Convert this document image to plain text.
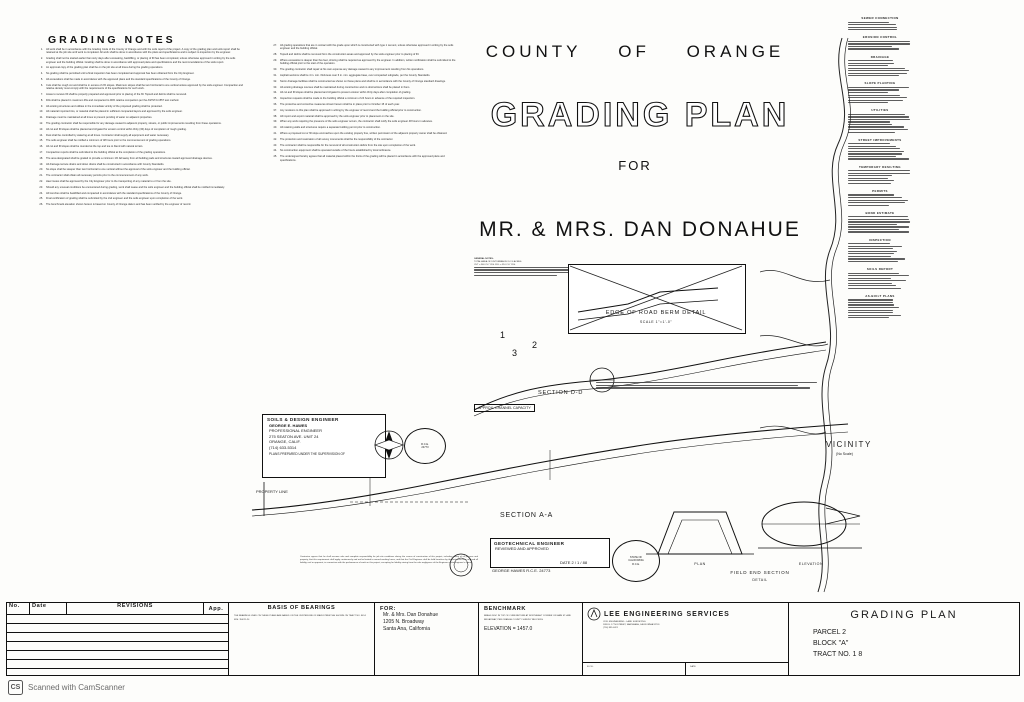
COUNTY OF ORANGE
GRADING PLAN
FOR
MR. & MRS. DAN DONAHUE
GRADING NOTES
1. All work shall be in accordance with the Grading Code of the County of Orange and with the soils report of the project. A copy of the grading plan and soils report shall be retained at the job site until work is completed. All work shall be done in accordance with the plans and specifications and is subject to inspection by the engineer.
2. Grading shall not be started earlier than sixty days after excavating, backfilling, or placing of fill has been completed, unless otherwise approved in writing by the soils engineer and the building official. Grading shall be done in accordance with approved plans and specifications and the recommendations of the soils report.
3. An approval copy of the grading plan shall be on the job site at all times during the grading operations.
4. No grading shall be permitted until a final inspection has been completed and approval has been obtained from the City Engineer.
5. All excavations shall be made in accordance with the approved plans and the standard specifications of the County of Orange.
6. Cuts shall be rough cut and shall be in excess of 2% slopes. Maximum slopes shall be two horizontal to one vertical unless approved by the soils engineer. Compaction and relative density must comply with the requirements of the specifications for such work.
7. Areas to receive fill shall be properly prepared and approved prior to placing of the fill. Topsoil and debris shall be removed.
8. Fills shall be placed in maximum lifts and compacted to 90% relative compaction per the ASTM D-1557 test method.
9. All existing structures and utilities in the immediate vicinity of the proposed grading shall be protected.
10. All material imported into, or material shall be placed in sufficient compacted layers and approved by the soils engineer.
11. Drainage must be maintained at all times to prevent ponding of water on adjacent properties.
12. The grading contractor shall be responsible for any damage caused to adjacent property, streets, or public improvements resulting from these operations.
13. All cut and fill slopes shall be planted and irrigated for erosion control within thirty (30) days of completion of rough grading.
14. Dust shall be controlled by watering at all times. Contractor shall supply all equipment and water necessary.
15. The soils engineer shall be notified a minimum of 48 hours prior to the commencement of grading operations.
16. All cut and fill slopes shall be rounded at the top and toe to blend with natural terrain.
17. Compaction reports shall be submitted to the building official at the completion of the grading operations.
18. The area designated shall be graded to provide a minimum 1% fall away from all building pads and structures toward approved drainage devices.
19. All drainage terrace drains and down drains shall be constructed in accordance with County Standards.
20. No slope shall be steeper than two horizontal to one vertical without the approval of the soils engineer and the building official.
21. The contractor shall obtain all necessary permits prior to the commencement of any work.
22. Haul routes shall be approved by the City Engineer prior to the transporting of any material to or from the site.
23. Should any unusual conditions be encountered during grading, work shall cease and the soils engineer and the building official shall be notified immediately.
24. All trenches shall be backfilled and compacted in accordance with the standard specifications of the County of Orange.
25. Final certification of grading shall be submitted by the civil engineer and the soils engineer upon completion of the work.
26. The benchmark elevation shown hereon is based on County of Orange datum and has been verified by the engineer of record.
27. All grading operations that are in contact with the grade upon which is constructed with type 1 cement, unless otherwise approved in writing by the soils engineer and the building official.
28. Topsoil and debris shall be removed from the construction areas and approved by the soils engineer prior to placing of fill.
29. Where excavation is deeper than five feet, shoring shall be required as approved by the engineer. In addition, written notification shall be submitted to the building official prior to the start of the operation.
30. The grading contractor shall repair at his own expense any damage caused to any improvement resulting from his operations.
31. Asphalt sections shall be 4 in. min. thickness over 6 in. min. aggregate base, over compacted subgrade, per the County Standards.
32. Storm drainage facilities shall be constructed as shown on these plans and shall be in accordance with the County of Orange standard drawings.
33. All existing drainage courses shall be maintained during construction and no obstructions shall be placed in them.
34. All cut and fill slopes shall be planted and irrigated to prevent erosion within thirty days after completion of grading.
35. Inspection requests shall be made to the building official a minimum of 24 hours in advance of the required inspection.
36. The protective and corrective measures shown hereon shall be in place prior to October 15 of each year.
37. Any revisions to this plan shall be approved in writing by the engineer of record and the building official prior to construction.
38. All import and export material shall be approved by the soils engineer prior to placement on the site.
39. When any work requiring the presence of the soils engineer occurs, the contractor shall notify the soils engineer 48 hours in advance.
40. All retaining walls and structures require a separate building permit prior to construction.
41. Where a proposed cut or fill slope encroaches upon the existing property line, written permission of the adjacent property owner shall be obtained.
42. The protection and restoration of all survey monuments shall be the responsibility of the contractor.
43. The contractor shall be responsible for the removal of all construction debris from the site upon completion of the work.
44. No construction equipment shall be operated outside of the hours established by local ordinance.
45. The undersigned hereby agrees that all material placed within the limits of the grading will be placed in accordance with the approved plans and specifications.
SEWER CONNECTION
EROSION CONTROL
DRAINAGE
SLOPE PLANTING
UTILITIES
STREET IMPROVEMENTS
TEMPORARY DESILTING
PERMITS
BOND ESTIMATE
INSPECTION
SOILS REPORT
AS-BUILT PLANS
VICINITY
(No Scale)
GENERAL NOTES:
TOTAL AREA OF DISTURBANCE IS 2.6 ACRES.
CUT = 340 CU. YDS. FILL = 310 CU. YDS.
EDGE OF ROAD BERM DETAIL
SCALE 1"=1'-0"
3
2
1
SECTION D-D
APPROX. CHANNEL CAPACITY
PROPERTY LINE
SECTION A-A
PLAN	ELEVATION
FIELD END SECTION
DETAIL
SOILS & DESIGN ENGINEER
GEORGE E. HAWES
PROFESSIONAL ENGINEER
275 SEATON AVE. UNIT 24
ORANGE, CALIF.
(714) 633-5314
PLANS PREPARED UNDER THE SUPERVISION OF
R.C.E.
24773
GEOTECHNICAL ENGINEER
REVIEWED AND APPROVED
GEORGE HAWES R.C.E. 24773
DATE 2 / 1 / 88
STATE OF
CALIFORNIA
R.C.E.
Contractor agrees that he shall assume sole and complete responsibility for job site conditions during the course of construction of this project, including safety of all persons and property, that this requirement shall apply continuously and not be limited to normal working hours, and that the Civil Engineer shall be held harmless by the contractor from any and all liability, real or apparent, in connection with the performance of work on this project, excepting for liability arising from the sole negligence of the Engineer or the Engineer's agents.
No.	Date	REVISIONS	App.	BASIS OF BEARINGS
THE BEARINGS USED ON THESE PLANS ARE BASED ON THE CENTERLINE OF MAIN STREET AS SHOWN ON TRACT NO. 8414 M.M. 354/21-24
FOR:
Mr. & Mrs. Dan Donahue
1205 N. Broadway
Santa Ana, California
BENCHMARK
BRASS DISC IN TOP OF CURB RETURN AT NORTHEAST CORNER OF MAIN ST. AND BROADWAY, PER ORANGE COUNTY SURVEY RECORDS
ELEVATION = 1457.0
LEE ENGINEERING SERVICES
CIVIL ENGINEERING - LAND SURVEYING
1820 E. 17TH STREET, SANTA ANA, CALIFORNIA 92701
(714) 835-4421
R.C.E.	DATE
GRADING PLAN
PARCEL 2
BLOCK "A"
TRACT NO. 1 8
CS Scanned with CamScanner
